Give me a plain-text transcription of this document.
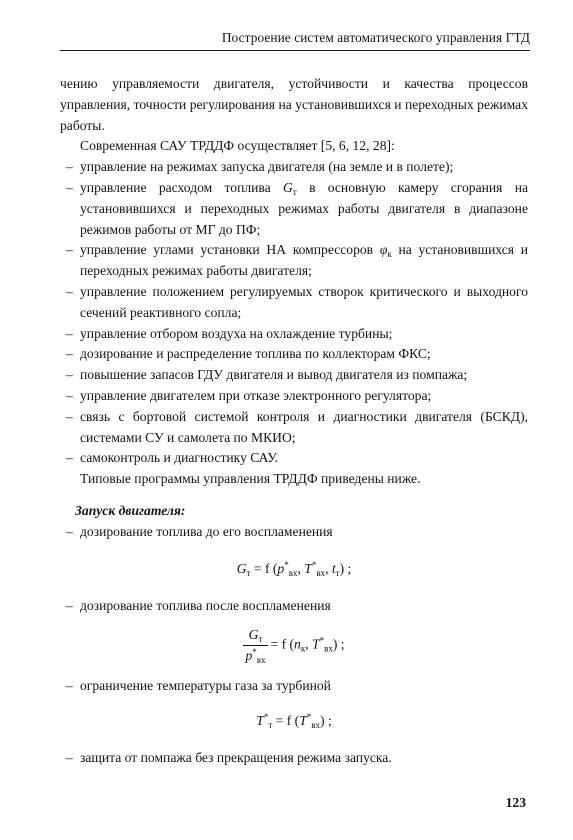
Построение систем автоматического управления ГТД

чению управляемости двигателя, устойчивости и качества процессов управления, точности регулирования на установившихся и переходных режимах работы.

Современная САУ ТРДДФ осуществляет [5, 6, 12, 28]:

– управление на режимах запуска двигателя (на земле и в полете);
– управление расходом топлива $G_т$ в основную камеру сгорания на установившихся и переходных режимах работы двигателя в диапазоне режимов работы от МГ до ПФ;
– управление углами установки НА компрессоров $\varphi_к$ на установившихся и переходных режимах работы двигателя;
– управление положением регулируемых створок критического и выходного сечений реактивного сопла;
– управление отбором воздуха на охлаждение турбины;
– дозирование и распределение топлива по коллекторам ФКС;
– повышение запасов ГДУ двигателя и вывод двигателя из помпажа;
– управление двигателем при отказе электронного регулятора;
– связь с бортовой системой контроля и диагностики двигателя (БСКД), системами СУ и самолета по МКИО;
– самоконтроль и диагностику САУ.

Типовые программы управления ТРДДФ приведены ниже.

Запуск двигателя:

– дозирование топлива до его воспламенения
$G_т = f$ ($p^*_{вх}$, $T^*_{вх}$, $t_т$) ;
– дозирование топлива после воспламенения
$\frac{G_т}{p^*_{вх}} = f$ ($n_к$, $T^*_{вх}$) ;
– ограничение температуры газа за турбиной
$T^*_т = f$ $(T^*_{вх})$ ;
– защита от помпажа без прекращения режима запуска.
123
